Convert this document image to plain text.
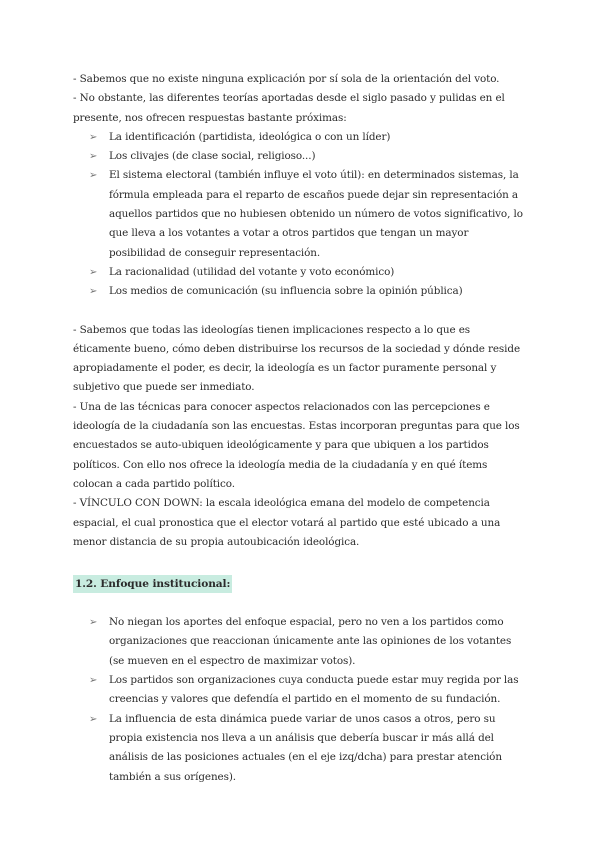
- Sabemos que no existe ninguna explicación por sí sola de la orientación del voto.

- No obstante, las diferentes teorías aportadas desde el siglo pasado y pulidas en el presente, nos ofrecen respuestas bastante próximas:

➢ La identificación (partidista, ideológica o con un líder)
➢ Los clivajes (de clase social, religioso...)
➢ El sistema electoral (también influye el voto útil): en determinados sistemas, la fórmula empleada para el reparto de escaños puede dejar sin representación a aquellos partidos que no hubiesen obtenido un número de votos significativo, lo que lleva a los votantes a votar a otros partidos que tengan un mayor posibilidad de conseguir representación.
➢ La racionalidad (utilidad del votante y voto económico)
➢ Los medios de comunicación (su influencia sobre la opinión pública)

- Sabemos que todas las ideologías tienen implicaciones respecto a lo que es éticamente bueno, cómo deben distribuirse los recursos de la sociedad y dónde reside apropiadamente el poder, es decir, la ideología es un factor puramente personal y subjetivo que puede ser inmediato.

- Una de las técnicas para conocer aspectos relacionados con las percepciones e ideología de la ciudadanía son las encuestas. Estas incorporan preguntas para que los encuestados se auto-ubiquen ideológicamente y para que ubiquen a los partidos políticos. Con ello nos ofrece la ideología media de la ciudadanía y en qué ítems colocan a cada partido político.

- VÍNCULO CON DOWN: la escala ideológica emana del modelo de competencia espacial, el cual pronostica que el elector votará al partido que esté ubicado a una menor distancia de su propia autoubicación ideológica.

1.2. Enfoque institucional:
➢ No niegan los aportes del enfoque espacial, pero no ven a los partidos como organizaciones que reaccionan únicamente ante las opiniones de los votantes (se mueven en el espectro de maximizar votos).
➢ Los partidos son organizaciones cuya conducta puede estar muy regida por las creencias y valores que defendía el partido en el momento de su fundación.
➢ La influencia de esta dinámica puede variar de unos casos a otros, pero su propia existencia nos lleva a un análisis que debería buscar ir más allá del análisis de las posiciones actuales (en el eje izq/dcha) para prestar atención también a sus orígenes).
